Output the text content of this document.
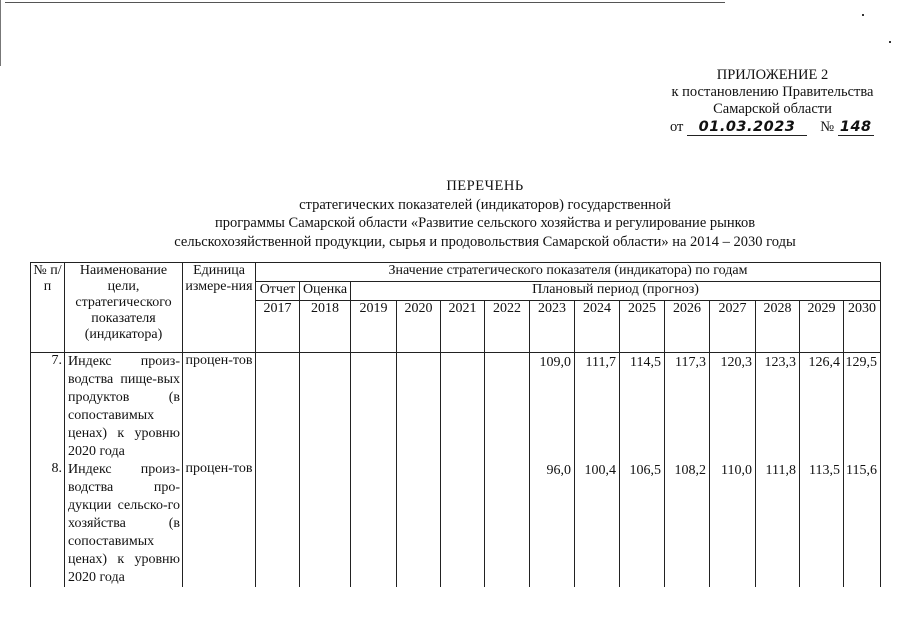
ПРИЛОЖЕНИЕ 2
к постановлению Правительства
Самарской области
от 01.03.2023 № 148
ПЕРЕЧЕНЬ
стратегических показателей (индикаторов) государственной
программы Самарской области «Развитие сельского хозяйства и регулирование рынков
сельскохозяйственной продукции, сырья и продовольствия Самарской области» на 2014 – 2030 годы
№ п/п	Наименование цели, стратегического показателя (индикатора)	Единица измере-ния	Значение стратегического показателя (индикатора) по годам													
			Отчет	Оценка	Плановый период (прогноз)											
			2017	2018	2019	2020	2021	2022	2023	2024	2025	2026	2027	2028	2029	2030
7.	Индекс произ-водства пище-вых продуктов (в сопоставимых ценах) к уровню 2020 года	процен-тов							109,0	111,7	114,5	117,3	120,3	123,3	126,4	129,5
8.	Индекс произ-водства про-дукции сельско-го хозяйства (в сопоставимых ценах) к уровню 2020 года	процен-тов							96,0	100,4	106,5	108,2	110,0	111,8	113,5	115,6
